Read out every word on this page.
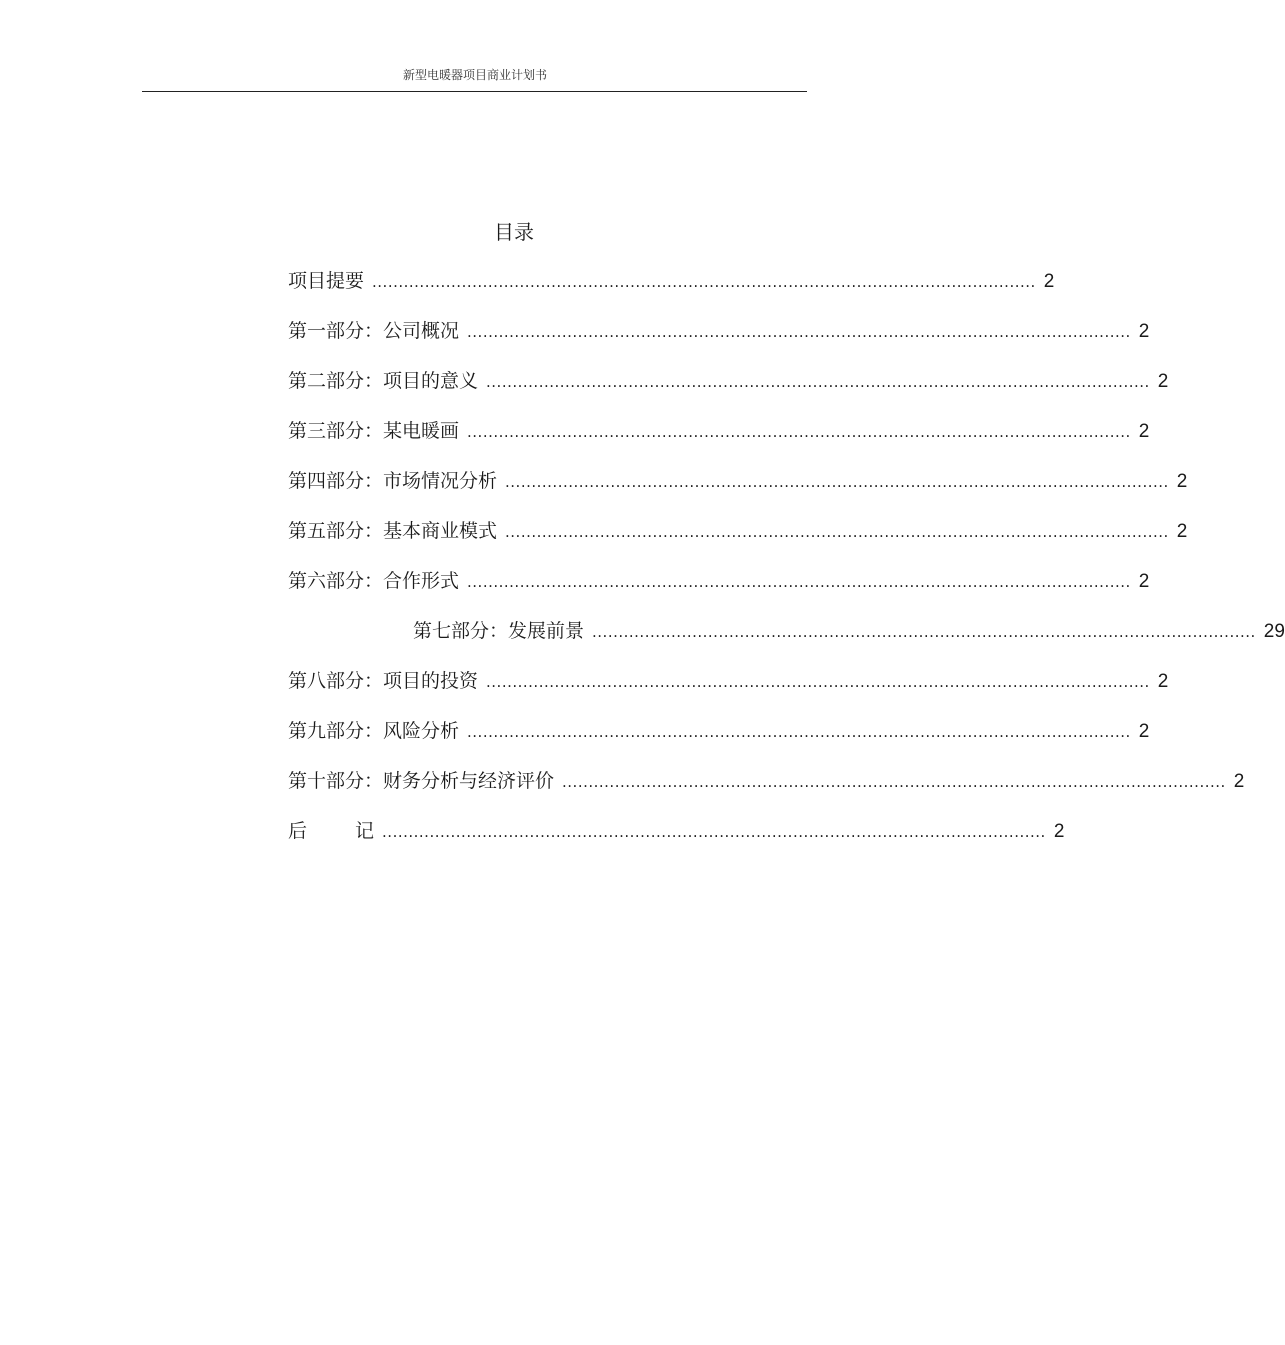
新型电暖器项目商业计划书
目录
项目提要 .............................................................................................................................. 2
第一部分：公司概况 .............................................................................................................................. 2
第二部分：项目的意义 .............................................................................................................................. 2
第三部分：某电暖画 .............................................................................................................................. 2
第四部分：市场情况分析 .............................................................................................................................. 2
第五部分：基本商业模式 .............................................................................................................................. 2
第六部分：合作形式 .............................................................................................................................. 2
第七部分：发展前景 .............................................................................................................................. 29
第八部分：项目的投资 .............................................................................................................................. 2
第九部分：风险分析 .............................................................................................................................. 2
第十部分：财务分析与经济评价 .............................................................................................................................. 2
后	记 .............................................................................................................................. 2
